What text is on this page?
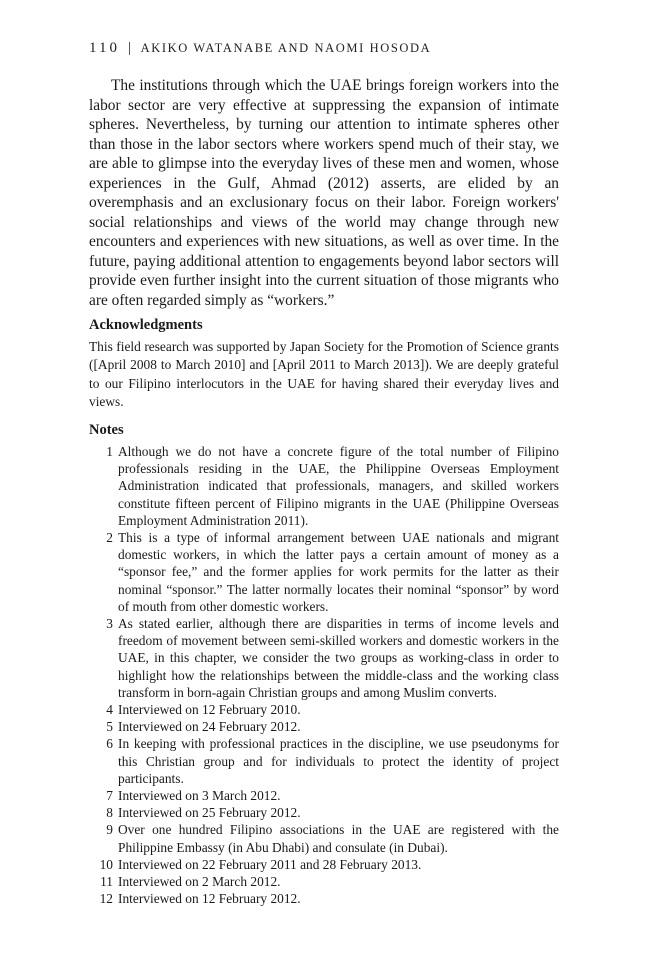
110 | AKIKO WATANABE AND NAOMI HOSODA

The institutions through which the UAE brings foreign workers into the labor sector are very effective at suppressing the expansion of intimate spheres. Nevertheless, by turning our attention to intimate spheres other than those in the labor sectors where workers spend much of their stay, we are able to glimpse into the everyday lives of these men and women, whose experiences in the Gulf, Ahmad (2012) asserts, are elided by an overemphasis and an exclusionary focus on their labor. Foreign workers' social relationships and views of the world may change through new encounters and experiences with new situations, as well as over time. In the future, paying additional attention to engagements beyond labor sectors will provide even further insight into the current situation of those migrants who are often regarded simply as “workers.”

Acknowledgments

This field research was supported by Japan Society for the Promotion of Science grants ([April 2008 to March 2010] and [April 2011 to March 2013]). We are deeply grateful to our Filipino interlocutors in the UAE for having shared their everyday lives and views.

Notes
1 Although we do not have a concrete figure of the total number of Filipino professionals residing in the UAE, the Philippine Overseas Employment Administration indicated that professionals, managers, and skilled workers constitute fifteen percent of Filipino migrants in the UAE (Philippine Overseas Employment Administration 2011).
2 This is a type of informal arrangement between UAE nationals and migrant domestic workers, in which the latter pays a certain amount of money as a “sponsor fee,” and the former applies for work permits for the latter as their nominal “sponsor.” The latter normally locates their nominal “sponsor” by word of mouth from other domestic workers.
3 As stated earlier, although there are disparities in terms of income levels and freedom of movement between semi-skilled workers and domestic workers in the UAE, in this chapter, we consider the two groups as working-class in order to highlight how the relationships between the middle-class and the working class transform in born-again Christian groups and among Muslim converts.
4 Interviewed on 12 February 2010.
5 Interviewed on 24 February 2012.
6 In keeping with professional practices in the discipline, we use pseudonyms for this Christian group and for individuals to protect the identity of project participants.
7 Interviewed on 3 March 2012.
8 Interviewed on 25 February 2012.
9 Over one hundred Filipino associations in the UAE are registered with the Philippine Embassy (in Abu Dhabi) and consulate (in Dubai).
10 Interviewed on 22 February 2011 and 28 February 2013.
11 Interviewed on 2 March 2012.
12 Interviewed on 12 February 2012.
